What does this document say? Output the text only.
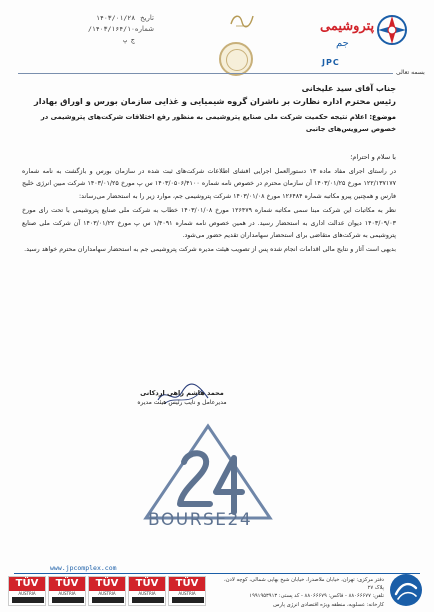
تاریخ
۱۴۰۳/۰۱/۲۸
شماره
۱۴۰۳/۱۶۴/۱۰/ ج پ
پتروشیمی
جم
JPC
بسمه تعالی
جناب آقای سید علیخانی
رئیس محترم اداره نظارت بر ناشران گروه شیمیایی و غذایی سازمان بورس و اوراق بهادار
موضوع: اعلام نتیجه حکمیت شرکت ملی صنایع پتروشیمی به منظور رفع اختلافات شرکت‌های پتروشیمی در
خصوص سرویس‌های جانبی
با سلام و احترام؛
در راستای اجرای مفاد ماده ۱۳ دستورالعمل اجرایی افشای اطلاعات شرکت‌های ثبت شده در سازمان بورس و بازگشت به نامه شماره ۱۲۲/۱۳۷۱۷۷ مورخ ۱۴۰۳/۰۱/۲۵ آن سازمان محترم در خصوص نامه شماره ۱۴۰۳/۰۵۰۶/۴۱۰۰ س پ مورخ ۱۴۰۳/۰۱/۲۵ شرکت مبین انرژی خلیج فارس و همچنین پیرو مکاتبه شماره ۱۲۶۴۸۴ مورخ ۱۴۰۳/۰۱/۰۸ شرکت پتروشیمی جم، موارد زیر را به استحضار می‌رساند:
نظر به مکاتبات این شرکت مبنا سمی مکاتبه شماره ۱۲۶۴۷۹ مورخ ۱۴۰۳/۰۱/۰۸ خطاب به شرکت ملی صنایع پتروشیمی با تحت رای مورخ ۱۴۰۳/۰۹/۰۳ دیوان عدالت اداری به استحضار رسید. در همین خصوص نامه شماره ۱/۴۰۹۱ س پ مورخ ۱۴۰۳/۰۱/۲۲ آن شرکت ملی صنایع پتروشیمی به شرکت‌های متقاضی برای استحضار سهامداران تقدیم حضور می‌شود.
بدیهی است آثار و نتایج مالی اقدامات انجام شده پس از تصویب هیئت مدیره شرکت پتروشیمی جم به استحضار سهامداران محترم خواهد رسید.
محمد هاشم زاهی اردکانی
مدیرعامل و نایب رئیس هیئت مدیره
BOURSE24
www.jpcomplex.com
TÜV
AUSTRIA
TÜV
AUSTRIA
TÜV
AUSTRIA
TÜV
AUSTRIA
TÜV
AUSTRIA
دفتر مرکزی: تهران، خیابان ملاصدرا، خیابان شیخ بهایی شمالی، کوچه لادن، پلاک ۲۷
تلفن: ۸۸۰۶۶۶۷۷ - فاکس: ۸۸۰۶۶۶۷۹ - کد پستی: ۱۹۹۱۹۵۳۹۱۳
کارخانه: عسلویه، منطقه ویژه اقتصادی انرژی پارس
